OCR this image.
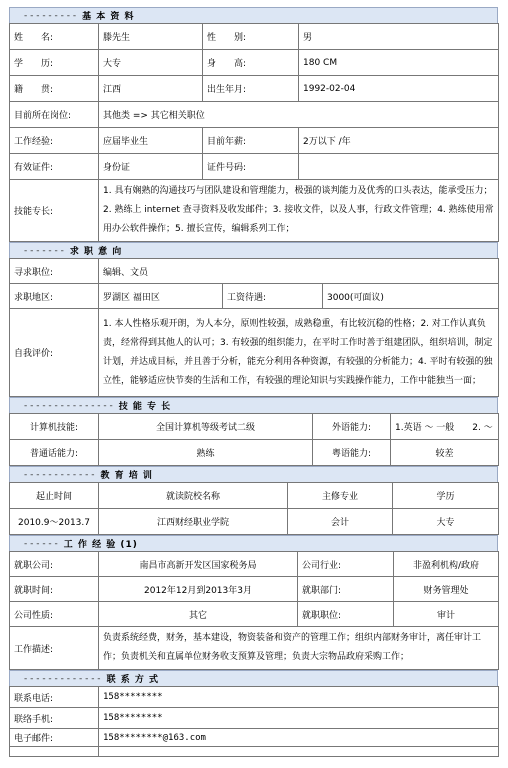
- - - - - - - - - 基 本 资 料
姓　　名:	滕先生	性　　别:	男
学　　历:	大专	身　　高:	180 CM
籍　　贯:	江西	出生年月:	1992-02-04
目前所在岗位:	其他类 => 其它相关职位		
工作经验:	应届毕业生	目前年薪:	2万以下 /年
有效证件:	身份证	证件号码:	
技能专长:	1. 具有娴熟的沟通技巧与团队建设和管理能力，极强的谈判能力及优秀的口头表达，能承受压力；2. 熟练上 internet 查寻资料及收发邮件；3. 接收文件，以及人事，行政文件管理；4. 熟练使用常用办公软件操作；5. 擅长宣传，编辑系列工作；		
- - - - - - - 求 职 意 向
寻求职位:	编辑、文员		
求职地区:	罗湖区 福田区	工资待遇:	3000(可面议)
自我评价:	1. 本人性格乐观开朗，为人本分，原则性较强，成熟稳重，有比较沉稳的性格；2. 对工作认真负责，经常得到其他人的认可；3. 有较强的组织能力，在平时工作时善于组建团队，组织培训，制定计划，并达成目标，并且善于分析，能充分利用各种资源，有较强的分析能力；4. 平时有较强的独立性，能够适应快节奏的生活和工作，有较强的理论知识与实践操作能力，工作中能独当一面；		
- - - - - - - - - - - - - - - 技 能 专 长
计算机技能:	全国计算机等级考试二级	外语能力:	1.英语 ～ 一般　　2. ～
普通话能力:	熟练	粤语能力:	较差
- - - - - - - - - - - - 教 育 培 训
起止时间	就读院校名称	主修专业	学历
2010.9～2013.7	江西财经职业学院	会计	大专
- - - - - - 工 作 经 验 (1)
就职公司:	南昌市高新开发区国家税务局	公司行业:	非盈利机构/政府
就职时间:	2012年12月到2013年3月	就职部门:	财务管理处
公司性质:	其它	就职职位:	审计
工作描述:	负责系统经费，财务，基本建设，物资装备和资产的管理工作；组织内部财务审计，离任审计工作；负责机关和直属单位财务收支预算及管理；负责大宗物品政府采购工作；		
- - - - - - - - - - - - - 联 系 方 式
联系电话:	158********
联络手机:	158********
电子邮件:	158********@163.com
